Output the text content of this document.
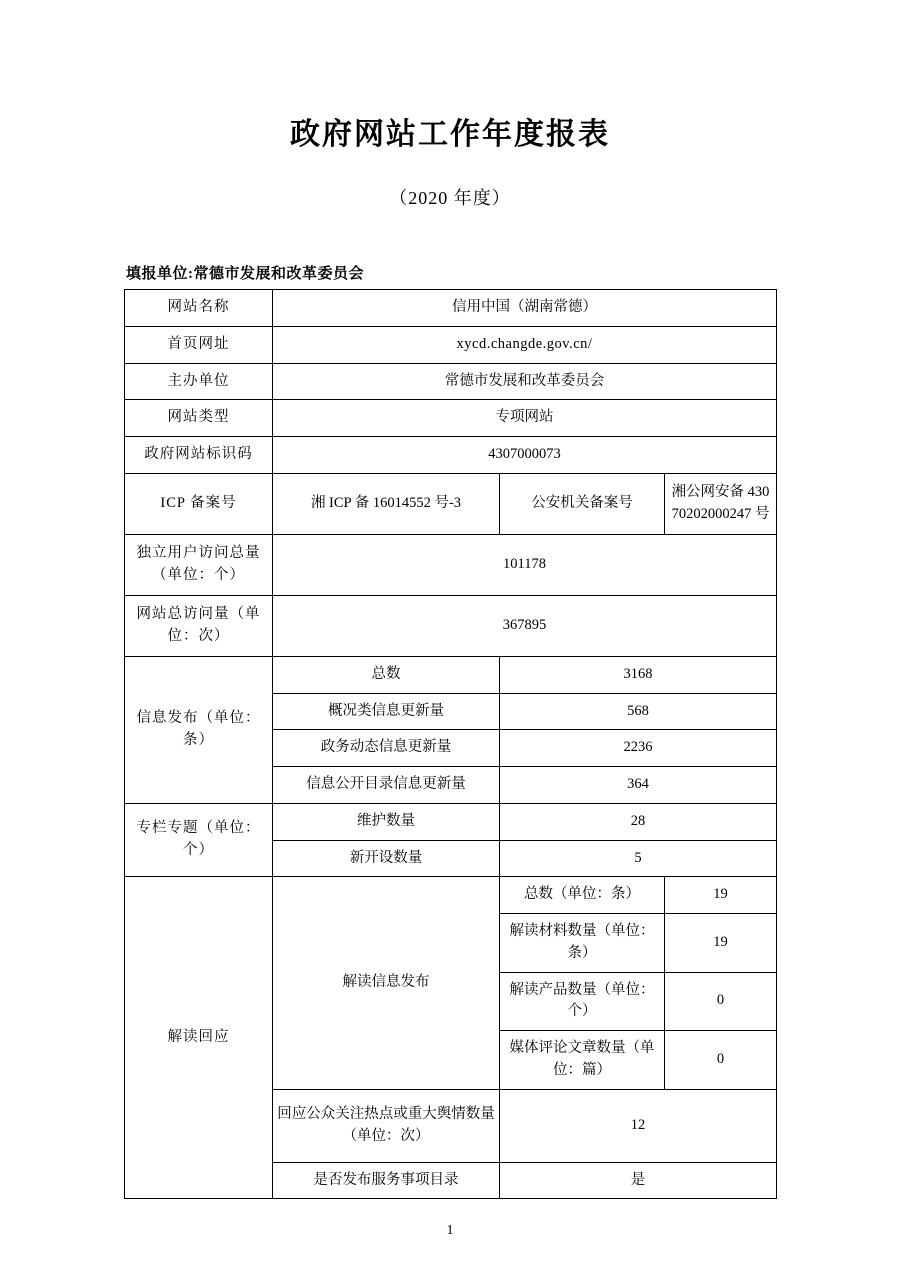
政府网站工作年度报表
（2020 年度）
填报单位:常德市发展和改革委员会
网站名称	信用中国（湖南常德）		
首页网址	xycd.changde.gov.cn/		
主办单位	常德市发展和改革委员会		
网站类型	专项网站		
政府网站标识码	4307000073		
ICP 备案号	湘 ICP 备 16014552 号-3	公安机关备案号	湘公网安备 43070202000247 号
独立用户访问总量（单位：个）	101178		
网站总访问量（单位：次）	367895		
信息发布（单位：条）	总数	3168	
	概况类信息更新量	568	
	政务动态信息更新量	2236	
	信息公开目录信息更新量	364	
专栏专题（单位：个）	维护数量	28	
	新开设数量	5	
解读回应	解读信息发布	总数（单位：条）	19
		解读材料数量（单位：条）	19
		解读产品数量（单位：个）	0
		媒体评论文章数量（单位：篇）	0
	回应公众关注热点或重大舆情数量（单位：次）	12	
	是否发布服务事项目录	是	
1
